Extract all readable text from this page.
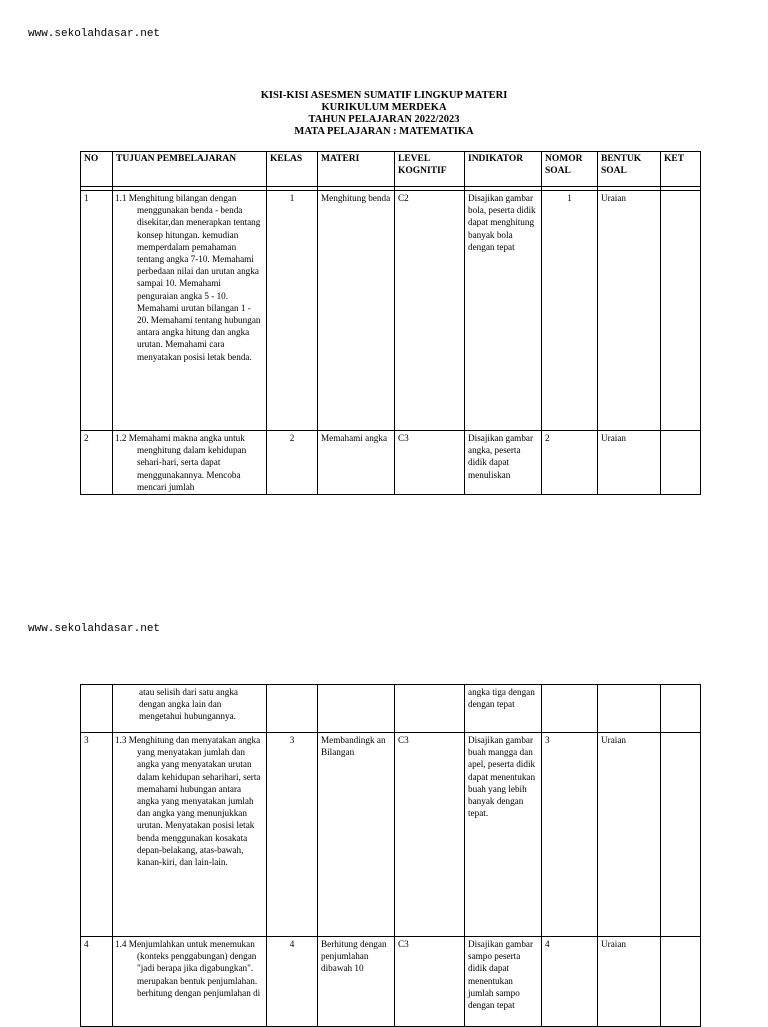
www.sekolahdasar.net
KISI-KISI ASESMEN SUMATIF LINGKUP MATERI
KURIKULUM MERDEKA
TAHUN PELAJARAN 2022/2023
MATA PELAJARAN : MATEMATIKA
NO	TUJUAN PEMBELAJARAN	KELAS	MATERI	LEVEL KOGNITIF	INDIKATOR	NOMOR SOAL	BENTUK SOAL	KET

1	1.1 Menghitung bilangan dengan menggunakan benda - benda disekitar,dan menerapkan tentang konsep hitungan. kemudian memperdalam pemahaman tentang angka 7-10. Memahami perbedaan nilai dan urutan angka sampai 10. Memahami penguraian angka 5 - 10. Memahami urutan bilangan 1 - 20. Memahami tentang hubungan antara angka hitung dan angka urutan. Memahami cara menyatakan posisi letak benda.	1	Menghitung benda	C2	Disajikan gambar bola, peserta didik dapat menghitung banyak bola dengan tepat	1	Uraian	
2	1.2 Memahami makna angka untuk menghitung dalam kehidupan sehari-hari, serta dapat menggunakannya. Mencoba mencari jumlah	2	Memahami angka	C3	Disajikan gambar angka, peserta didik dapat menuliskan	2	Uraian	
www.sekolahdasar.net
	atau selisih dari satu angka dengan angka lain dan mengetahui hubungannya.				angka tiga dengan dengan tepat			
3	1.3 Menghitung dan menyatakan angka yang menyatakan jumlah dan angka yang menyatakan urutan dalam kehidupan seharihari, serta memahami hubungan antara angka yang menyatakan jumlah dan angka yang menunjukkan urutan. Menyatakan posisi letak benda menggunakan kosakata depan-belakang, atas-bawah, kanan-kiri, dan lain-lain.	3	Membandingk an Bilangan	C3	Disajikan gambar buah mangga dan apel, peserta didik dapat menentukan buah yang lebih banyak dengan tepat.	3	Uraian	
4	1.4 Menjumlahkan untuk menemukan (konteks penggabungan) dengan "jadi berapa jika digabungkan". merupakan bentuk penjumlahan. berhitung dengan penjumlahan di	4	Berhitung dengan penjumlahan dibawah 10	C3	Disajikan gambar sampo peserta didik dapat menentukan jumlah sampo dengan tepat	4	Uraian	
